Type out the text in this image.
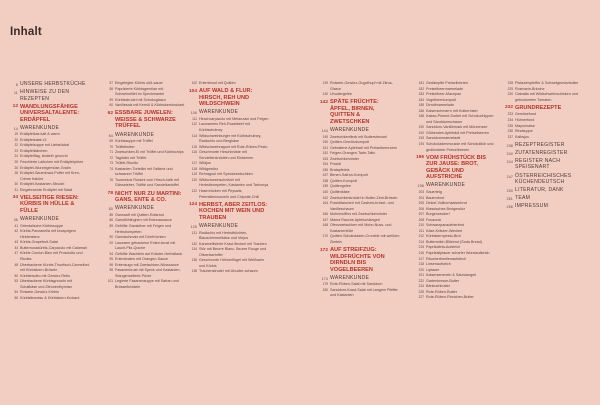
Inhalt
6 UNSERE HERBSTKÜCHE
11 HINWEISE ZU DEN REZEPTEN
12 WANDLUNGSFÄHIGE UNIVERSALTALENTE: ERDÄPFEL
14 WARENKUNDE
19 Erdäpfelkas kalt & warm
20 Erdäpfelsalat x3
22 Erdäpfelsuppe mit Liebstöckel
23 Erdäpfellaibchen
24 Erdäpfelflag, ändleb! gnocchi
25 Feschlerte Laibchen mit Erdäpfelpüree
26 Erdäpfel-Wurzelgemüse-Gratin
28 Erdäpfel-Sauerkraut-Puffer mit Kren-Crème fraîche
30 Erdäpfel-Kastanien-Strudel
31 Eingebrannte Erdäpfel mit Salat
34 VIELSEITIGE RIESEN: KÜRBIS IN HÜLLE & FÜLLE
36 WARENKUNDE
41 Orientalische Kürbissuppe
42 Kürbis-Panzanella mit knusprigem Heidensterz
43 Kürbis-Grapefruit-Salat
44 Butternusskürbis-Carpaccio mit Calamari
47 Kürbis Cordon Bleu mit Prosciutto und Ricotta
48 Überbackene Kürbis-Thunfisch-Cannelloni mit Kürbiskern-Bröseln
50 Kürbisrisotto mit Gewürz-Rebs
53 Überbackene Kürbisgnocchi mit Schafkäse und Zitronenthymian
54 Rotwein-Gewürz-Kürbis
56 Kürbistiramisu & Kürbiskern-Krokant
57 Eingelegter Kürbis süß-sauer
58 Paprizierte Kürbisgemüse mit Schweinefilet im Speckmantel
59 Kürbisstrudel mit Schokoglasur
60 Vanillesalz mit Kernöl & Kürbiskernkrokant
62 ESSBARE JUWELEN: WEISSE & SCHWARZE TRÜFFEL
64 WARENKUNDE
69 Kürbissuppe mit Trüffel
70 Trüffelbutter
71 Zwetschken-Ei mit Trüffel und Kürbischips
72 Tagliolini mit Trüffel
73 Trüffel-Risotto
74 Kastanien-Tortellini mit Sellerie und schwarzer Trüffel
76 Tournedos Rossini vom Hirsch-kalb mit Gänseleber, Trüffel und Sandelkartoffel
78 NICHT NUR ZU MARTINI: GANS, ENTE & CO.
80 WARENKUNDE
85 Ganssaft mit Quitten-Rotkraut
86 Ganslfühlinghen mit Erdnusssauce
89 Gefüllte Gansleber mit Feigen und Herbstrompeten
90 Ganslschmalz mit Dörrfrüchten
92 Lauwarm gebackene Enten-brust mit Lauch-Pilz-Quiche
94 Gefüllte Wachteln auf Kräuter-Herbstlaub
95 Entenbraten mit Orangen-Sauce
96 Entensugo mit Zwetschken-Nüsssauce
98 Fasanenbrust mit Speck und Kastanien-Stangensellerie-Püree
101 Legierte Fasanensuppe mit Safran und Brösselknödeln
102 Entenbrust mit Quitten
104 AUF WALD & FLUR: HIRSCH, REH UND WILDSCHWEIN
106 WARENKUNDE
111 Hirschcarpaccio mit Melanzani und Feigen
112 Lauwarmes Reh-Roastbeef mit Kürbischutney
114 Wildschweinburger mit Kürbischutney, Radicchio und Bergkäse
115 Wildschweinragout mit Rote-Rüben-Pesto
116 Geschmorte Hirschbrüste mit Serviettenknödeln und Eisbeeren
117 Wildjus
118 Wildgewürz
119 Rehragout mit Speckzwetschken
120 Wildschweinschnitzel mit Herbsttrompeten, Kastanien und Tarhonya
122 Hasenrücken mit Physalis, Petersilienwurzeln und Chipotle-Chili
124 HERBST, ABER ZEITLOS: KOCHEN MIT WEIN UND TRAUBEN
126 WARENKUNDE
131 Radicchio mit Herbstfrüchten, Blauschimmelkäse und Verjus
132 Karamellisierte Kraut-fleckerl mit Trauben
134 Stör mit Beurre Blanc, Beurre Rouge und Olivenkartoffel
136 Geschmorte Hühnerflügel mit Weißwein und Kürbis
138 Traubenstrudel mit Uhudler-schaum
139 Rotwein-Gewürz-Gugelhupf mit Zitrus-Glasur
140 Uhudlergelee
142 SPÄTE FRÜCHTE: ÄPFEL, BIRNEN, QUITTEN & ZWETSCHKEN
144 WARENKUNDE
149 Zwetschkenfleck mit Butterstreusel
150 Quitten-Gewürzkompott
151 Gebratene Apfelradl mit Preiselbeerrahm
152 Feigen-Orangen-Tarte-Tatin
153 Zwetschkenröster
154 Powidl
156 Bratapfeleis
157 Birnen-Safran-Kompott
158 Quitten-Kompott
159 Quittengelee
160 Quittenkäse
162 Zwetschkenknödel in Butter-Zimt-Bröseln
164 Powidltascherl mit Cashew-brösel- und Vanilleschaum
166 Mohnmuffins mit Zwetschkenröster
167 Mama Rauchs Apfelschlangerl
168 Ofenzwetschken mit Mohn-Nuss- und Kastanienfülle
170 Quitten-Schokoladen-Crumble mit weißem Zimteis
172 AUF STREIFZUG: WILDFRÜCHTE VON DIRNDLN BIS VOGELBEEREN
174 WARENKUNDE
179 Rote-Rüben-Salat mit Sanddorn
180 Sanddorn-Kraut-Salat mit Langem Pfeffer und Kastanien
181 Gedämpfte Preiselbeeren
182 Preiselbeermarmelade
183 Preiselbeer-Marzipan
184 Vogelbeerkompott
185 Dirndlmarmelade
186 Kaiserschmarrn mit Hollerröster
188 Kakao-Piment-Sorbet mit Schokochippen und Sanddornschaum
190 Sanddorn-Vanillemark mit Mürzensee
192 Glühendes Apfelrädl mit Preiselbeeren
193 Sanddornmarmelade
194 Schokoladenmousse mit Schokolikör und gedünsteter Preiselbeeren
196 VOM FRÜHSTÜCK BIS ZUR JAUSE: BROT, GEBÄCK UND AUFSTRICHE
198 WARENKUNDE
203 Sauerteig
204 Bauernbrot
205 Dinkel-Vollkornkaiserbrot
206 Klassisches Brotgewürz
207 Burgerwecker!
208 Focaccia
210 Schwarzpanadeberbrot
211 Käse-Kräuter-Weckerl
212 Kürbiskernpesto-Brot
214 Buttermilch-Blitzbrot (Soda Bread)
215 Paprikafeta-Aufstrich
216 Paprikaliptauer scharfer Wurstaufstrich
217 Räucherforellenaufstrich
218 Linsenaufstrich
220 Liptauer
221 Kaisersemmeln & Salzstangerl
222 Gartenkresse-Butter
224 Bärlauchbutter
225 Rote-Rüben-Butter
227 Rote-Rüben-Rinrichen-Butter
228 Pistazienpfeffer & Schwetgewürzbutter
229 Rosmarin-Brioche
230 Ciabatta mit Wildschweinschinken und getrockneten Tomaten
232 GRUNDREZEPTE
233 Gemüsefond
234 Hühnerfond
235 Mayonnaise
236 Rindsuppe
237 Kalbsjus
238 REZEPTREGISTER
240 ZUTATENREGISTER
244 REGISTER NACH SPEISENART
247 ÖSTERREICHISCHES KÜCHENDEUTSCH
250 LITERATUR, DANK
251 TEAM
256 IMPRESSUM
